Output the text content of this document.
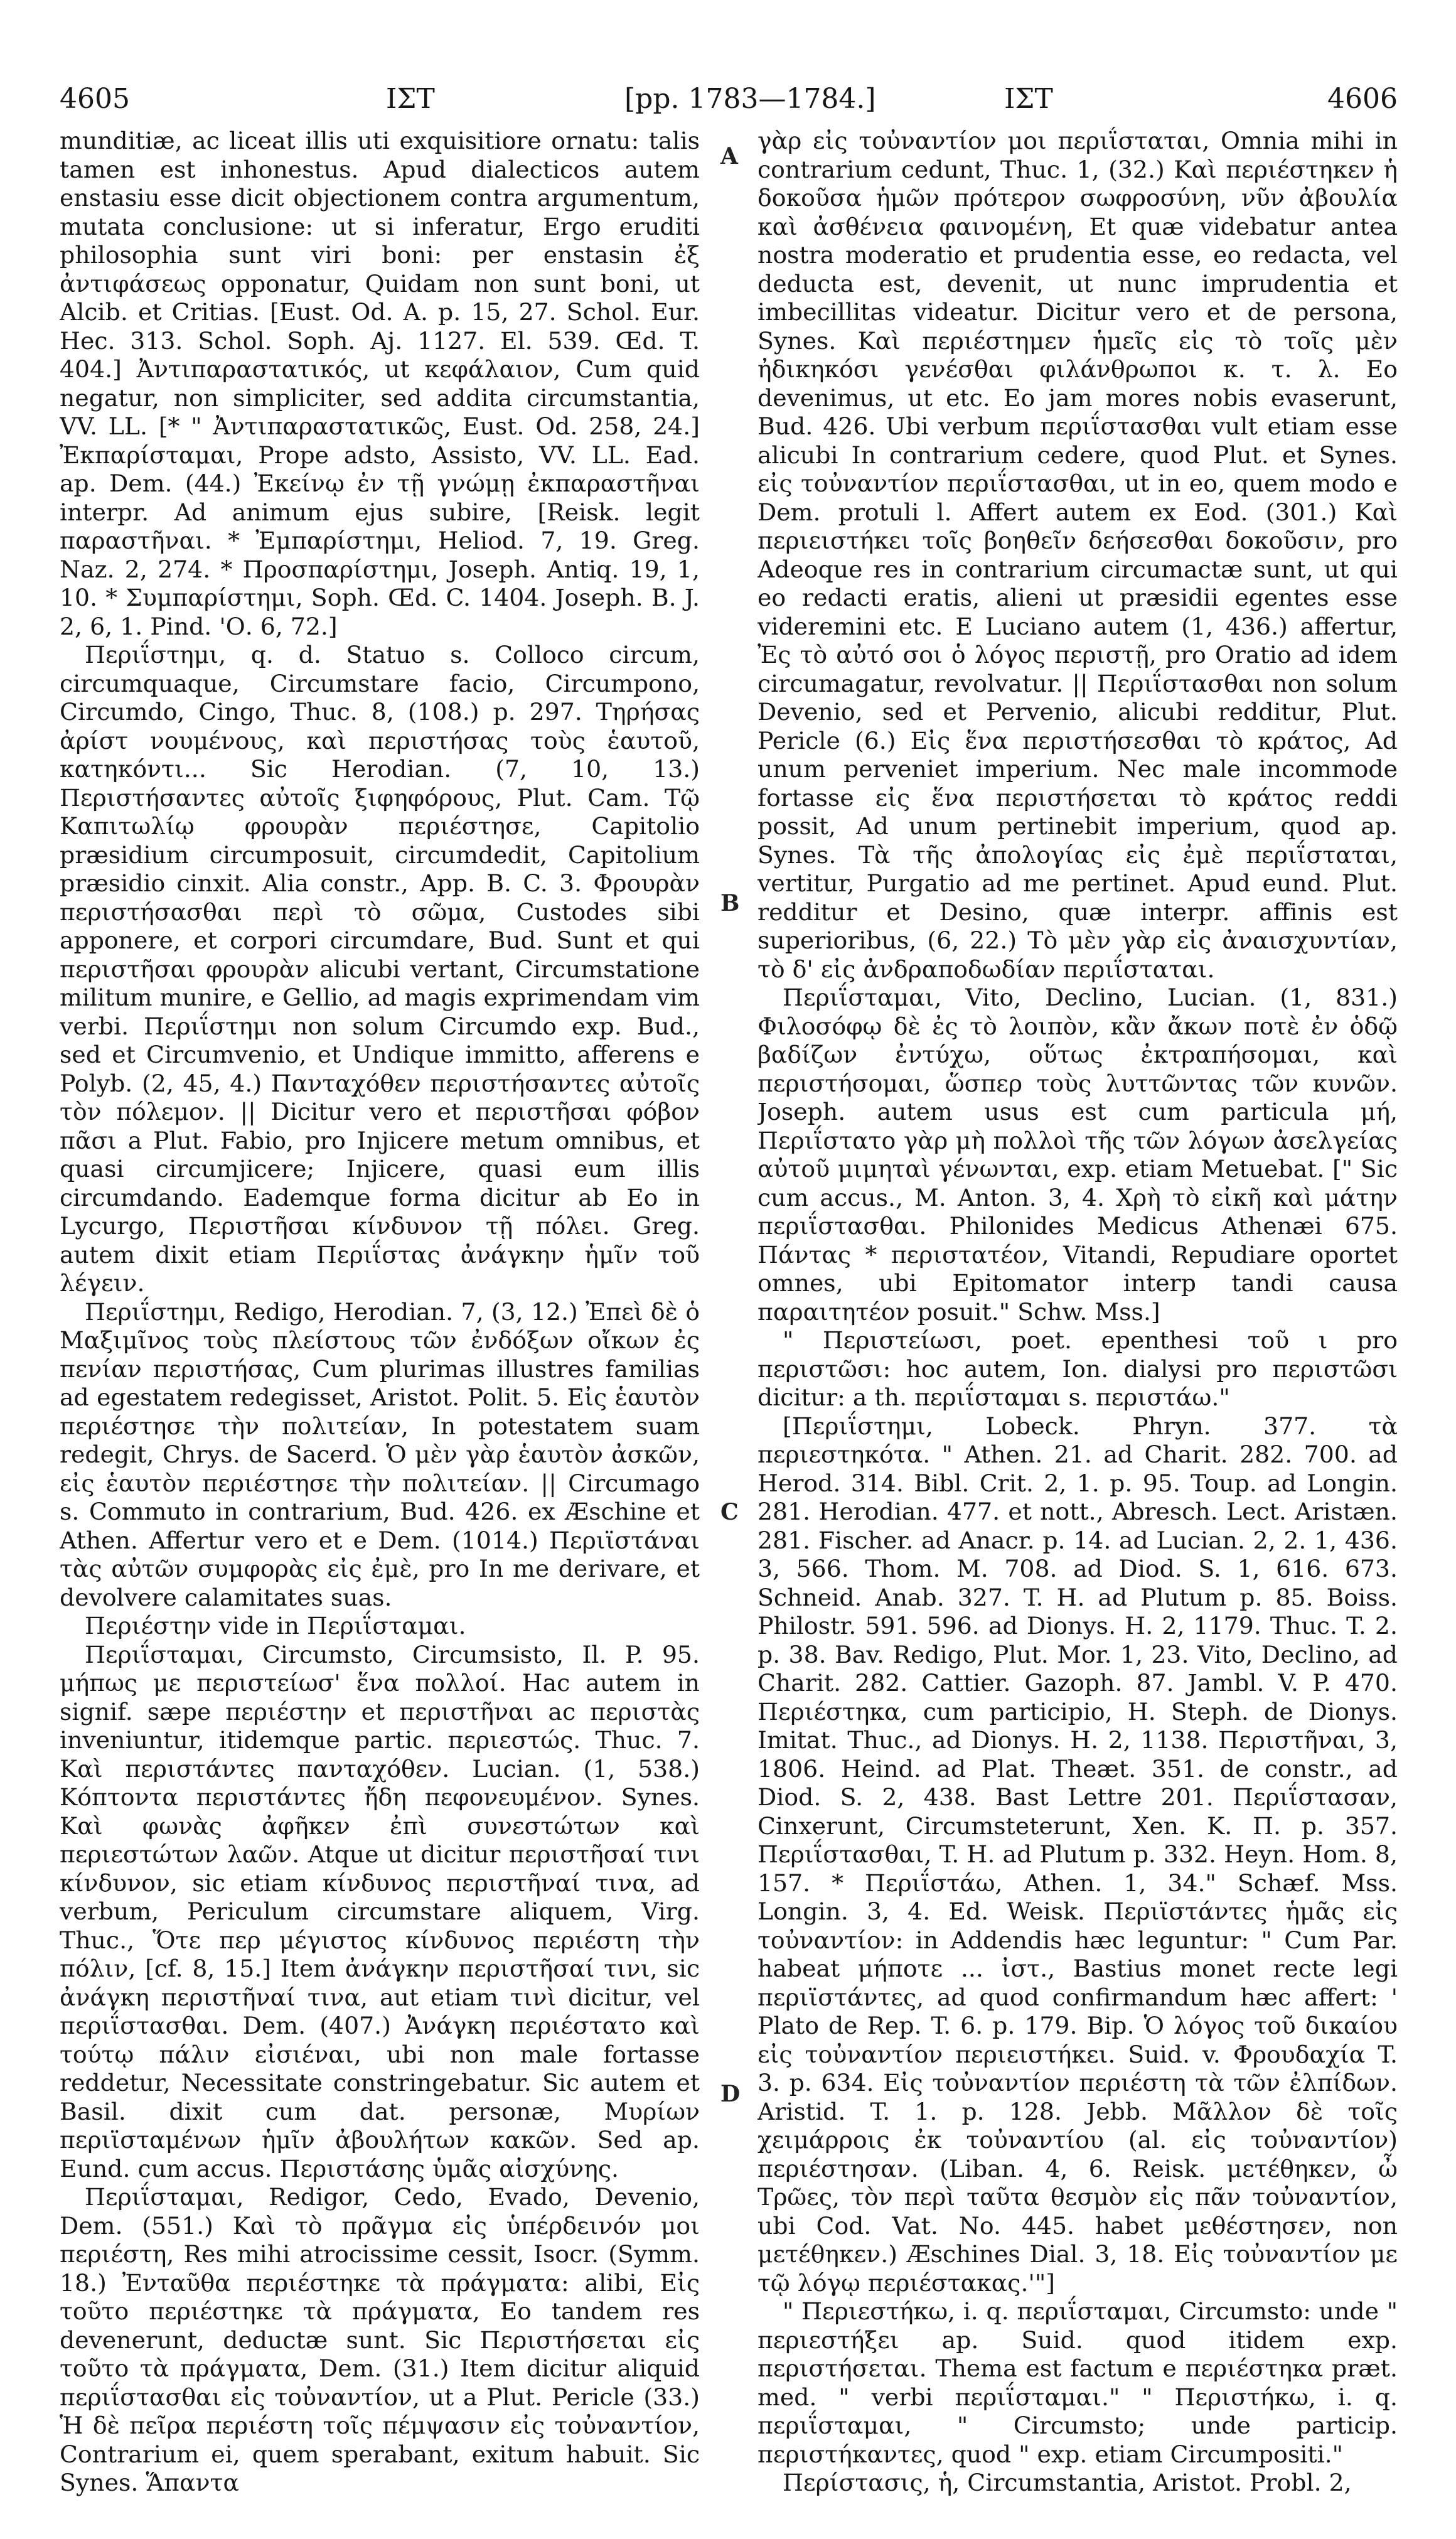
4605	ΙΣΤ	[pp. 1783—1784.]	ΙΣΤ	4606

munditiæ, ac liceat illis uti exquisitiore ornatu: talis tamen est inhonestus. Apud dialecticos autem enstasiu esse dicit objectionem contra argumentum, mutata conclusione: ut si inferatur, Ergo eruditi philosophia sunt viri boni: per enstasin ἐξ ἀντιφάσεως opponatur, Quidam non sunt boni, ut Alcib. et Critias. [Eust. Od. A. p. 15, 27. Schol. Eur. Hec. 313. Schol. Soph. Aj. 1127. El. 539. Œd. T. 404.] Ἀντιπαραστατικός, ut κεφάλαιον, Cum quid negatur, non simpliciter, sed addita circumstantia, VV. LL. [* " Ἀντιπαραστατικῶς, Eust. Od. 258, 24.] Ἐκπαρίσταμαι, Prope adsto, Assisto, VV. LL. Ead. ap. Dem. (44.) Ἐκείνῳ ἐν τῇ γνώμῃ ἐκπαραστῆναι interpr. Ad animum ejus subire, [Reisk. legit παραστῆναι. * Ἐμπαρίστημι, Heliod. 7, 19. Greg. Naz. 2, 274. * Προσπαρίστημι, Joseph. Antiq. 19, 1, 10. * Συμπαρίστημι, Soph. Œd. C. 1404. Joseph. B. J. 2, 6, 1. Pind. 'Ο. 6, 72.]

Περιΐστημι, q. d. Statuo s. Colloco circum, circumquaque, Circumstare facio, Circumpono, Circumdo, Cingo, Thuc. 8, (108.) p. 297. Τηρήσας ἀρίστ νουμένους, καὶ περιστήσας τοὺς ἑαυτοῦ, κατηκόντι... Sic Herodian. (7, 10, 13.) Περιστήσαντες αὐτοῖς ξιφηφόρους, Plut. Cam. Τῷ Καπιτωλίῳ φρουρὰν περιέστησε, Capitolio præsidium circumposuit, circumdedit, Capitolium præsidio cinxit. Alia constr., App. B. C. 3. Φρουρὰν περιστήσασθαι περὶ τὸ σῶμα, Custodes sibi apponere, et corpori circumdare, Bud. Sunt et qui περιστῆσαι φρουρὰν alicubi vertant, Circumstatione militum munire, e Gellio, ad magis exprimendam vim verbi. Περιΐστημι non solum Circumdo exp. Bud., sed et Circumvenio, et Undique immitto, afferens e Polyb. (2, 45, 4.) Πανταχόθεν περιστήσαντες αὐτοῖς τὸν πόλεμον. || Dicitur vero et περιστῆσαι φόβον πᾶσι a Plut. Fabio, pro Injicere metum omnibus, et quasi circumjicere; Injicere, quasi eum illis circumdando. Eademque forma dicitur ab Eo in Lycurgo, Περιστῆσαι κίνδυνον τῇ πόλει. Greg. autem dixit etiam Περιΐστας ἀνάγκην ἡμῖν τοῦ λέγειν.

Περιΐστημι, Redigo, Herodian. 7, (3, 12.) Ἐπεὶ δὲ ὁ Μαξιμῖνος τοὺς πλείστους τῶν ἐνδόξων οἴκων ἐς πενίαν περιστήσας, Cum plurimas illustres familias ad egestatem redegisset, Aristot. Polit. 5. Εἰς ἑαυτὸν περιέστησε τὴν πολιτείαν, In potestatem suam redegit, Chrys. de Sacerd. Ὁ μὲν γὰρ ἑαυτὸν ἀσκῶν, εἰς ἑαυτὸν περιέστησε τὴν πολιτείαν. || Circumago s. Commuto in contrarium, Bud. 426. ex Æschine et Athen. Affertur vero et e Dem. (1014.) Περιϊστάναι τὰς αὐτῶν συμφορὰς εἰς ἐμὲ, pro In me derivare, et devolvere calamitates suas.

Περιέστην vide in Περιΐσταμαι.

Περιΐσταμαι, Circumsto, Circumsisto, Il. P. 95. μήπως με περιστείωσ' ἕνα πολλοί. Hac autem in signif. sæpe περιέστην et περιστῆναι ac περιστὰς inveniuntur, itidemque partic. περιεστώς. Thuc. 7. Καὶ περιστάντες πανταχόθεν. Lucian. (1, 538.) Κόπτοντα περιστάντες ἤδη πεφονευμένον. Synes. Καὶ φωνὰς ἀφῆκεν ἐπὶ συνεστώτων καὶ περιεστώτων λαῶν. Atque ut dicitur περιστῆσαί τινι κίνδυνον, sic etiam κίνδυνος περιστῆναί τινα, ad verbum, Periculum circumstare aliquem, Virg. Thuc., Ὅτε περ μέγιστος κίνδυνος περιέστη τὴν πόλιν, [cf. 8, 15.] Item ἀνάγκην περιστῆσαί τινι, sic ἀνάγκη περιστῆναί τινα, aut etiam τινὶ dicitur, vel περιΐστασθαι. Dem. (407.) Ἀνάγκη περιέστατο καὶ τούτῳ πάλιν εἰσιέναι, ubi non male fortasse reddetur, Necessitate constringebatur. Sic autem et Basil. dixit cum dat. personæ, Μυρίων περιϊσταμένων ἡμῖν ἀβουλήτων κακῶν. Sed ap. Eund. cum accus. Περιστάσης ὑμᾶς αἰσχύνης.

Περιΐσταμαι, Redigor, Cedo, Evado, Devenio, Dem. (551.) Καὶ τὸ πρᾶγμα εἰς ὑπέρδεινόν μοι περιέστη, Res mihi atrocissime cessit, Isocr. (Symm. 18.) Ἐνταῦθα περιέστηκε τὰ πράγματα: alibi, Εἰς τοῦτο περιέστηκε τὰ πράγματα, Eo tandem res devenerunt, deductæ sunt. Sic Περιστήσεται εἰς τοῦτο τὰ πράγματα, Dem. (31.) Item dicitur aliquid περιΐστασθαι εἰς τοὐναντίον, ut a Plut. Pericle (33.) Ἡ δὲ πεῖρα περιέστη τοῖς πέμψασιν εἰς τοὐναντίον, Contrarium ei, quem sperabant, exitum habuit. Sic Synes. Ἅπαντα

A
B
C
D

γὰρ εἰς τοὐναντίον μοι περιΐσταται, Omnia mihi in contrarium cedunt, Thuc. 1, (32.) Καὶ περιέστηκεν ἡ δοκοῦσα ἡμῶν πρότερον σωφροσύνη, νῦν ἀβουλία καὶ ἀσθένεια φαινομένη, Et quæ videbatur antea nostra moderatio et prudentia esse, eo redacta, vel deducta est, devenit, ut nunc imprudentia et imbecillitas videatur. Dicitur vero et de persona, Synes. Καὶ περιέστημεν ἡμεῖς εἰς τὸ τοῖς μὲν ἠδικηκόσι γενέσθαι φιλάνθρωποι κ. τ. λ. Eo devenimus, ut etc. Eo jam mores nobis evaserunt, Bud. 426. Ubi verbum περιΐστασθαι vult etiam esse alicubi In contrarium cedere, quod Plut. et Synes. εἰς τοὐναντίον περιΐστασθαι, ut in eo, quem modo e Dem. protuli l. Affert autem ex Eod. (301.) Καὶ περιειστήκει τοῖς βοηθεῖν δεήσεσθαι δοκοῦσιν, pro Adeoque res in contrarium circumactæ sunt, ut qui eo redacti eratis, alieni ut præsidii egentes esse videremini etc. E Luciano autem (1, 436.) affertur, Ἐς τὸ αὐτό σοι ὁ λόγος περιστῇ, pro Oratio ad idem circumagatur, revolvatur. || Περιΐστασθαι non solum Devenio, sed et Pervenio, alicubi redditur, Plut. Pericle (6.) Εἰς ἕνα περιστήσεσθαι τὸ κράτος, Ad unum perveniet imperium. Nec male incommode fortasse εἰς ἕνα περιστήσεται τὸ κράτος reddi possit, Ad unum pertinebit imperium, quod ap. Synes. Τὰ τῆς ἀπολογίας εἰς ἐμὲ περιΐσταται, vertitur, Purgatio ad me pertinet. Apud eund. Plut. redditur et Desino, quæ interpr. affinis est superioribus, (6, 22.) Τὸ μὲν γὰρ εἰς ἀναισχυντίαν, τὸ δ' εἰς ἀνδραποδωδίαν περιΐσταται.

Περιΐσταμαι, Vito, Declino, Lucian. (1, 831.) Φιλοσόφῳ δὲ ἐς τὸ λοιπὸν, κἂν ἄκων ποτὲ ἐν ὁδῷ βαδίζων ἐντύχω, οὕτως ἐκτραπήσομαι, καὶ περιστήσομαι, ὥσπερ τοὺς λυττῶντας τῶν κυνῶν. Joseph. autem usus est cum particula μή, Περιΐστατο γὰρ μὴ πολλοὶ τῆς τῶν λόγων ἀσελγείας αὐτοῦ μιμηταὶ γένωνται, exp. etiam Metuebat. [" Sic cum accus., M. Anton. 3, 4. Χρὴ τὸ εἰκῆ καὶ μάτην περιΐστασθαι. Philonides Medicus Athenæi 675. Πάντας * περιστατέον, Vitandi, Repudiare oportet omnes, ubi Epitomator interp tandi causa παραιτητέον posuit." Schw. Mss.]

" Περιστείωσι, poet. epenthesi τοῦ ι pro περιστῶσι: hoc autem, Ion. dialysi pro περιστῶσι dicitur: a th. περιΐσταμαι s. περιστάω."

[Περιΐστημι, Lobeck. Phryn. 377. τὰ περιεστηκότα. " Athen. 21. ad Charit. 282. 700. ad Herod. 314. Bibl. Crit. 2, 1. p. 95. Toup. ad Longin. 281. Herodian. 477. et nott., Abresch. Lect. Aristæn. 281. Fischer. ad Anacr. p. 14. ad Lucian. 2, 2. 1, 436. 3, 566. Thom. M. 708. ad Diod. S. 1, 616. 673. Schneid. Anab. 327. T. H. ad Plutum p. 85. Boiss. Philostr. 591. 596. ad Dionys. H. 2, 1179. Thuc. T. 2. p. 38. Bav. Redigo, Plut. Mor. 1, 23. Vito, Declino, ad Charit. 282. Cattier. Gazoph. 87. Jambl. V. P. 470. Περιέστηκα, cum participio, H. Steph. de Dionys. Imitat. Thuc., ad Dionys. H. 2, 1138. Περιστῆναι, 3, 1806. Heind. ad Plat. Theæt. 351. de constr., ad Diod. S. 2, 438. Bast Lettre 201. Περιΐστασαν, Cinxerunt, Circumsteterunt, Xen. K. Π. p. 357. Περιΐστασθαι, T. H. ad Plutum p. 332. Heyn. Hom. 8, 157. * Περιΐστάω, Athen. 1, 34." Schæf. Mss. Longin. 3, 4. Ed. Weisk. Περιϊστάντες ἡμᾶς εἰς τοὐναντίον: in Addendis hæc leguntur: " Cum Par. habeat μήποτε ... ἰστ., Bastius monet recte legi περιϊστάντες, ad quod confirmandum hæc affert: ' Plato de Rep. T. 6. p. 179. Bip. Ὁ λόγος τοῦ δικαίου εἰς τοὐναντίον περιειστήκει. Suid. v. Φρουδαχία T. 3. p. 634. Εἰς τοὐναντίον περιέστη τὰ τῶν ἐλπίδων. Aristid. T. 1. p. 128. Jebb. Μᾶλλον δὲ τοῖς χειμάρροις ἐκ τοὐναντίου (al. εἰς τοὐναντίον) περιέστησαν. (Liban. 4, 6. Reisk. μετέθηκεν, ὦ Τρῶες, τὸν περὶ ταῦτα θεσμὸν εἰς πᾶν τοὐναντίον, ubi Cod. Vat. No. 445. habet μεθέστησεν, non μετέθηκεν.) Æschines Dial. 3, 18. Εἰς τοὐναντίον με τῷ λόγῳ περιέστακας.'"]

" Περιεστήκω, i. q. περιΐσταμαι, Circumsto: unde " περιεστήξει ap. Suid. quod itidem exp. περιστήσεται. Thema est factum e περιέστηκα præt. med. " verbi περιΐσταμαι." " Περιστήκω, i. q. περιΐσταμαι, " Circumsto; unde particip. περιστήκαντες, quod " exp. etiam Circumpositi."

Περίστασις, ἡ, Circumstantia, Aristot. Probl. 2,
